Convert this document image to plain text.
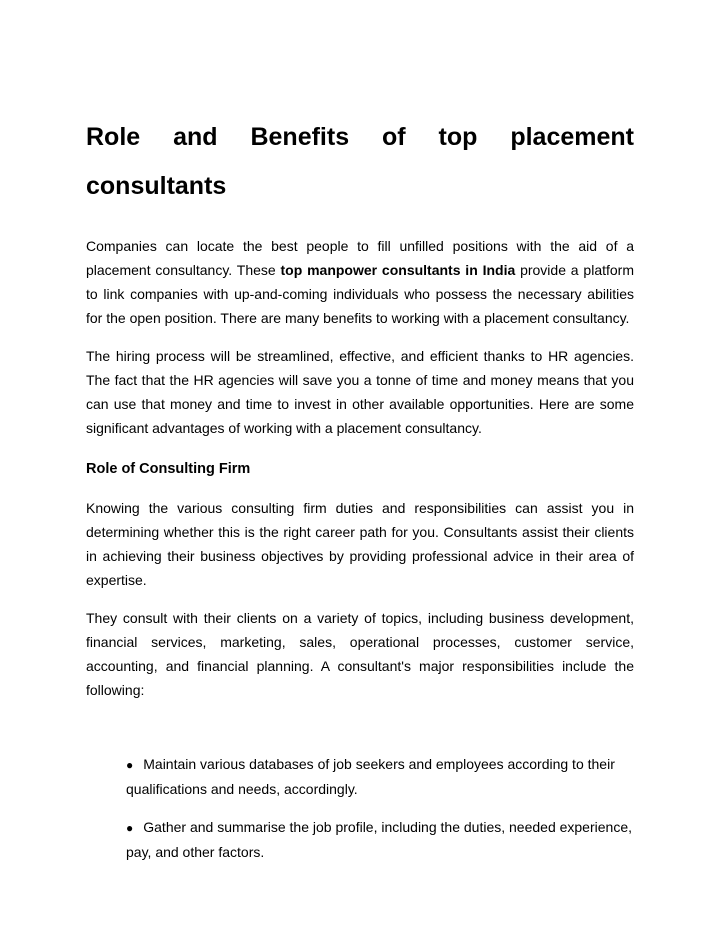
Role and Benefits of top placement consultants

Companies can locate the best people to fill unfilled positions with the aid of a placement consultancy. These top manpower consultants in India provide a platform to link companies with up-and-coming individuals who possess the necessary abilities for the open position. There are many benefits to working with a placement consultancy.

The hiring process will be streamlined, effective, and efficient thanks to HR agencies. The fact that the HR agencies will save you a tonne of time and money means that you can use that money and time to invest in other available opportunities. Here are some significant advantages of working with a placement consultancy.

Role of Consulting Firm

Knowing the various consulting firm duties and responsibilities can assist you in determining whether this is the right career path for you. Consultants assist their clients in achieving their business objectives by providing professional advice in their area of expertise.

They consult with their clients on a variety of topics, including business development, financial services, marketing, sales, operational processes, customer service, accounting, and financial planning. A consultant's major responsibilities include the following:

● Maintain various databases of job seekers and employees according to their qualifications and needs, accordingly.
● Gather and summarise the job profile, including the duties, needed experience, pay, and other factors.
